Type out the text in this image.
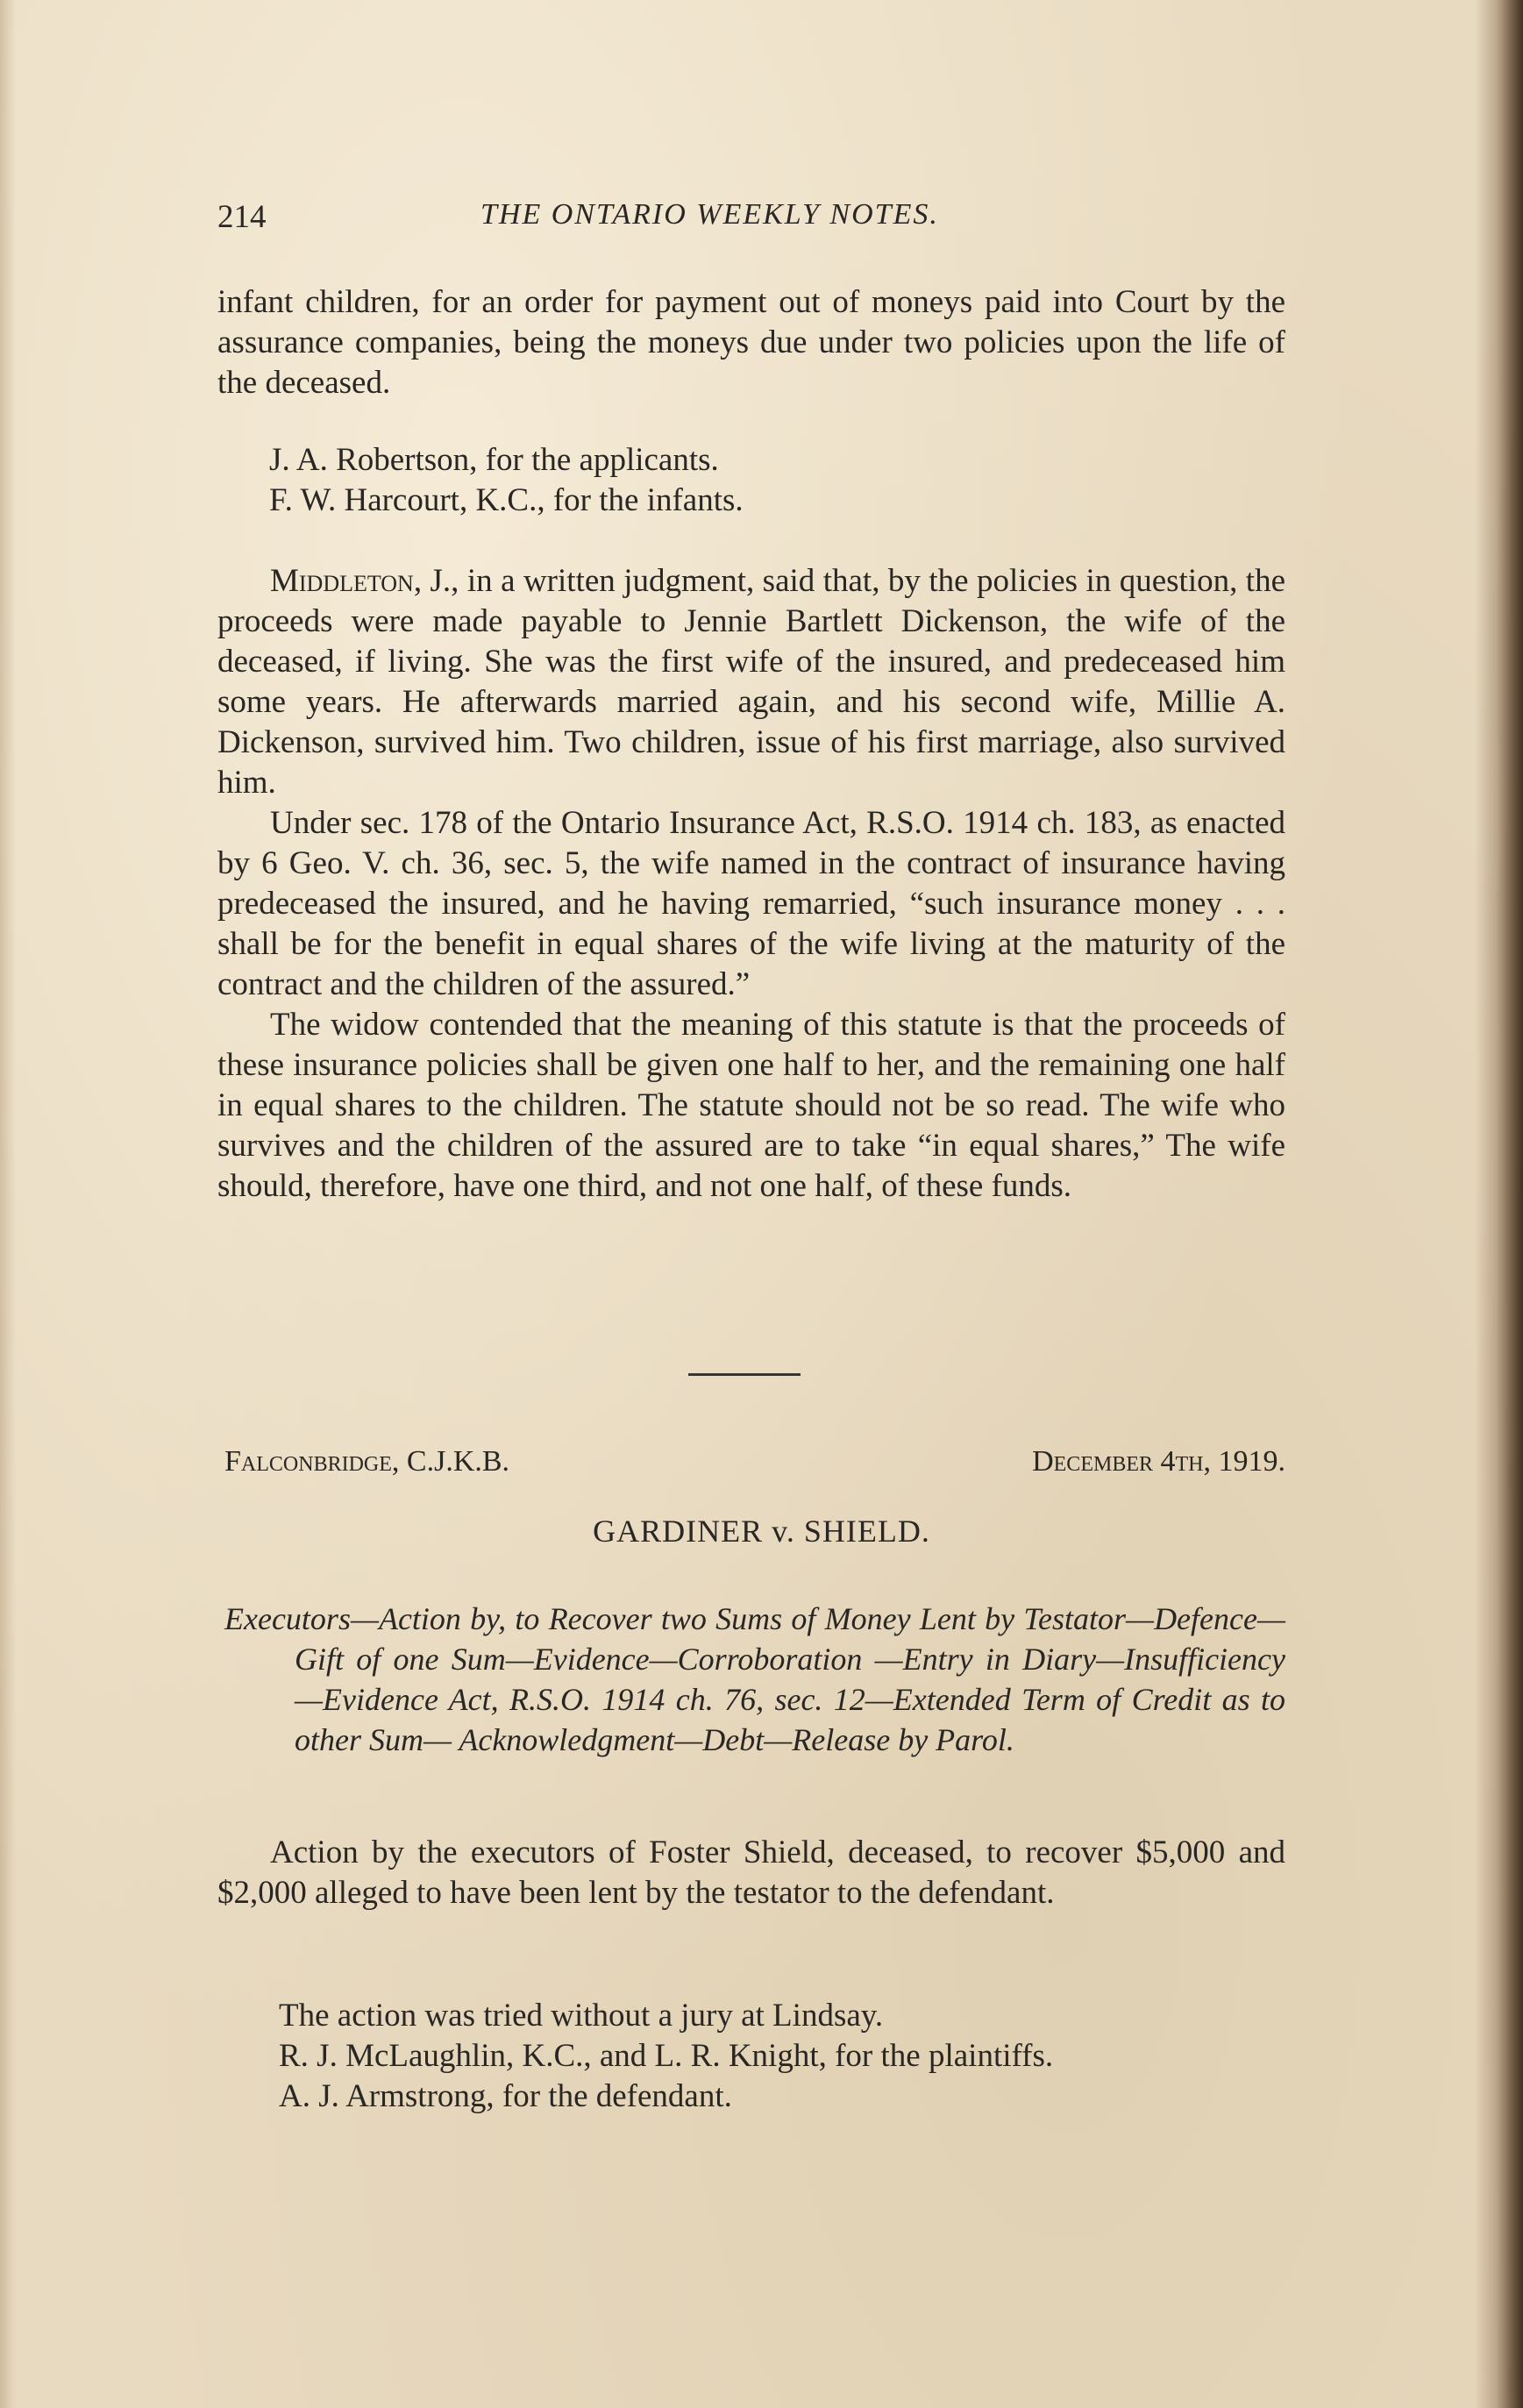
214	THE ONTARIO WEEKLY NOTES.

infant children, for an order for payment out of moneys paid into Court by the assurance companies, being the moneys due under two policies upon the life of the deceased.

J. A. Robertson, for the applicants.
F. W. Harcourt, K.C., for the infants.

Middleton, J., in a written judgment, said that, by the policies in question, the proceeds were made payable to Jennie Bartlett Dickenson, the wife of the deceased, if living. She was the first wife of the insured, and predeceased him some years. He afterwards married again, and his second wife, Millie A. Dickenson, survived him. Two children, issue of his first marriage, also survived him.

Under sec. 178 of the Ontario Insurance Act, R.S.O. 1914 ch. 183, as enacted by 6 Geo. V. ch. 36, sec. 5, the wife named in the contract of insurance having predeceased the insured, and he having remarried, “such insurance money . . . shall be for the benefit in equal shares of the wife living at the maturity of the contract and the children of the assured.”

The widow contended that the meaning of this statute is that the proceeds of these insurance policies shall be given one half to her, and the remaining one half in equal shares to the children. The statute should not be so read. The wife who survives and the children of the assured are to take “in equal shares,” The wife should, therefore, have one third, and not one half, of these funds.

Falconbridge, C.J.K.B.	December 4th, 1919.
GARDINER v. SHIELD.
Executors—Action by, to Recover two Sums of Money Lent by Testator—Defence—Gift of one Sum—Evidence—Corroboration —Entry in Diary—Insufficiency—Evidence Act, R.S.O. 1914 ch. 76, sec. 12—Extended Term of Credit as to other Sum— Acknowledgment—Debt—Release by Parol.

Action by the executors of Foster Shield, deceased, to recover $5,000 and $2,000 alleged to have been lent by the testator to the defendant.

The action was tried without a jury at Lindsay.
R. J. McLaughlin, K.C., and L. R. Knight, for the plaintiffs.
A. J. Armstrong, for the defendant.
